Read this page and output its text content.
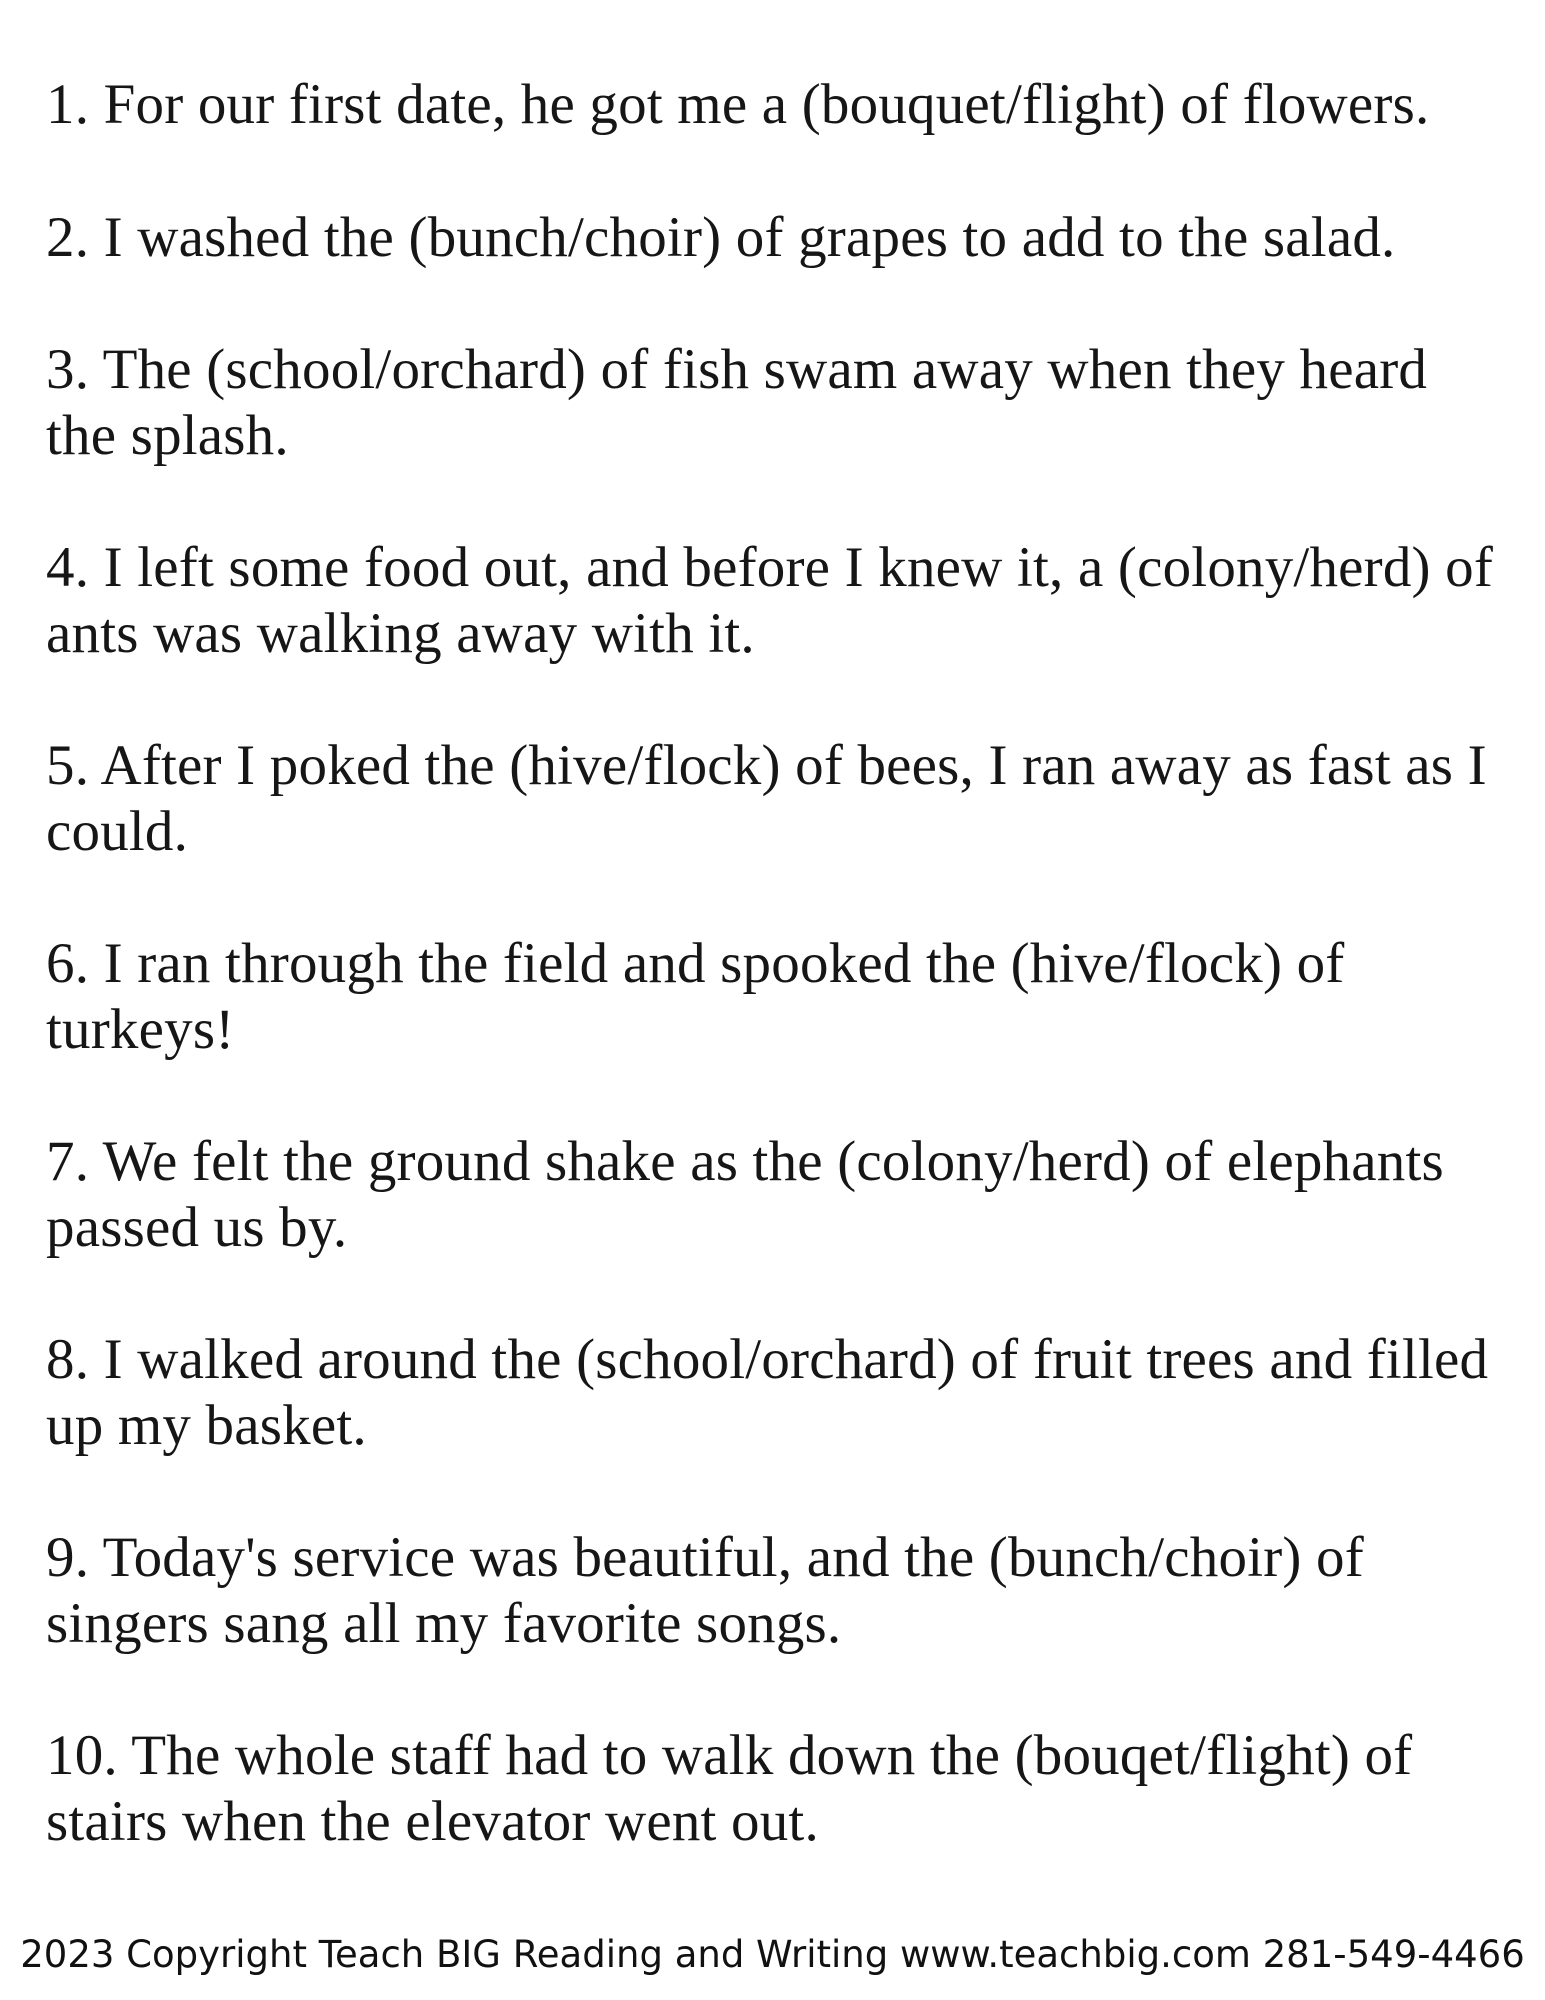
1. For our first date, he got me a (bouquet/flight) of flowers.

2. I washed the (bunch/choir) of grapes to add to the salad.

3. The (school/orchard) of fish swam away when they heard the splash.

4. I left some food out, and before I knew it, a (colony/herd) of ants was walking away with it.

5. After I poked the (hive/flock) of bees, I ran away as fast as I could.

6. I ran through the field and spooked the (hive/flock) of turkeys!

7. We felt the ground shake as the (colony/herd) of elephants passed us by.

8. I walked around the (school/orchard) of fruit trees and filled up my basket.

9. Today's service was beautiful, and the (bunch/choir) of singers sang all my favorite songs.

10. The whole staff had to walk down the (bouqet/flight) of stairs when the elevator went out.

2023 Copyright Teach BIG Reading and Writing www.teachbig.com 281-549-4466
